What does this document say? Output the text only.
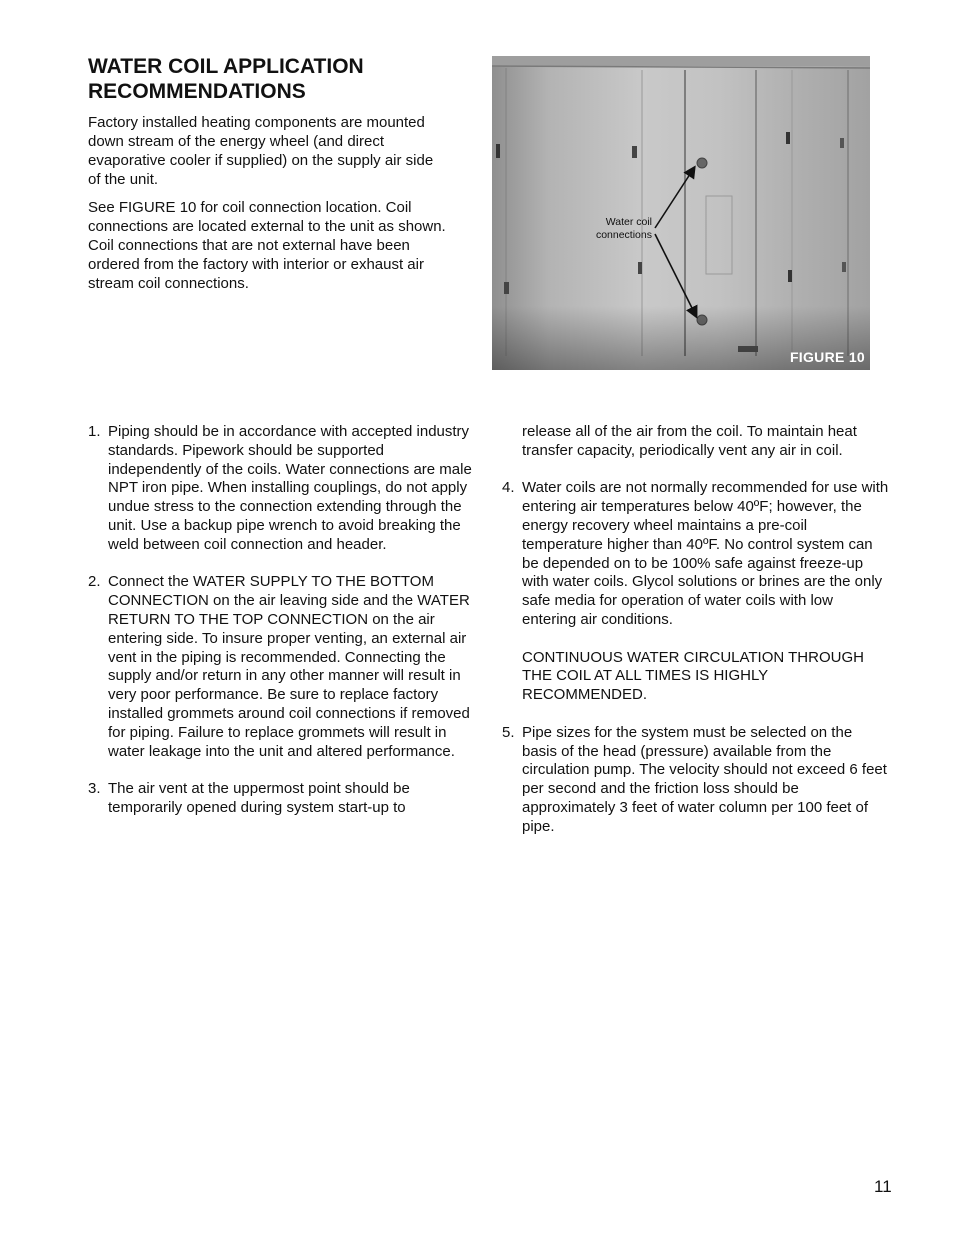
WATER COIL APPLICATION RECOMMENDATIONS

Factory installed heating components are mounted down stream of the energy wheel (and direct evaporative cooler if supplied) on the supply air side of the unit.

See FIGURE 10 for coil connection location. Coil connections are located external to the unit as shown. Coil connections that are not external have been ordered from the factory with interior or exhaust air stream coil connections.

Water coil
connections
FIGURE 10
1. Piping should be in accordance with accepted industry standards. Pipework should be supported independently of the coils. Water connections are male NPT iron pipe. When installing couplings, do not apply undue stress to the connection extending through the unit. Use a backup pipe wrench to avoid breaking the weld between coil connection and header.

2. Connect the WATER SUPPLY TO THE BOTTOM CONNECTION on the air leaving side and the WATER RETURN TO THE TOP CONNECTION on the air entering side. To insure proper venting, an external air vent in the piping is recommended. Connecting the supply and/or return in any other manner will result in very poor performance. Be sure to replace factory installed grommets around coil connections if removed for piping. Failure to replace grommets will result in water leakage into the unit and altered performance.

3. The air vent at the uppermost point should be temporarily opened during system start-up to

release all of the air from the coil. To maintain heat transfer capacity, periodically vent any air in coil.

4. Water coils are not normally recommended for use with entering air temperatures below 40ºF; however, the energy recovery wheel maintains a pre-coil temperature higher than 40ºF. No control system can be depended on to be 100% safe against freeze-up with water coils. Glycol solutions or brines are the only safe media for operation of water coils with low entering air conditions.

CONTINUOUS WATER CIRCULATION THROUGH THE COIL AT ALL TIMES IS HIGHLY RECOMMENDED.

5. Pipe sizes for the system must be selected on the basis of the head (pressure) available from the circulation pump. The velocity should not exceed 6 feet per second and the friction loss should be approximately 3 feet of water column per 100 feet of pipe.

11
